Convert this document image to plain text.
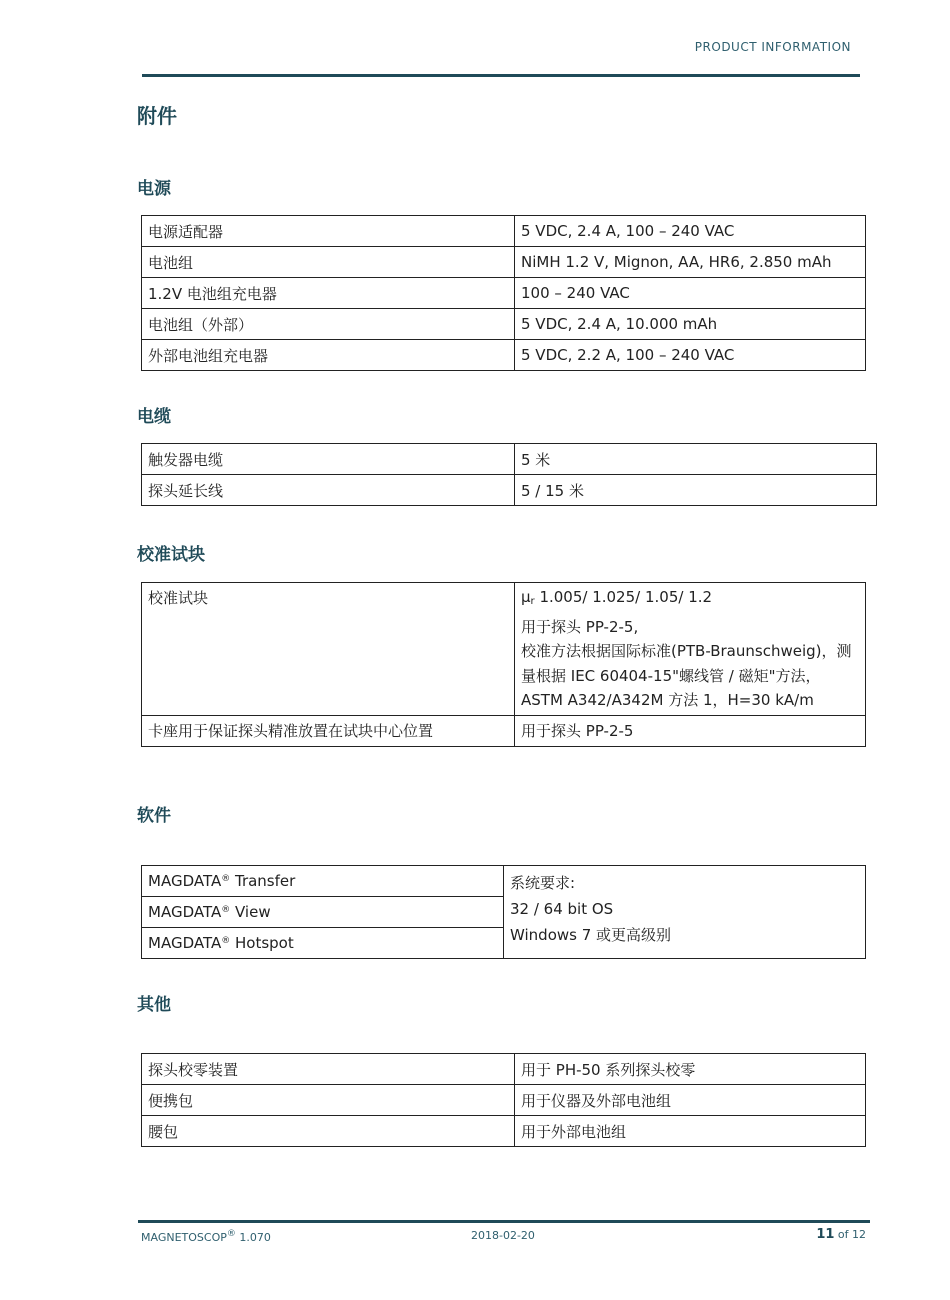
PRODUCT INFORMATION
附件
电源
电源适配器	5 VDC, 2.4 A, 100 – 240 VAC
电池组	NiMH 1.2 V, Mignon, AA, HR6, 2.850 mAh
1.2V 电池组充电器	100 – 240 VAC
电池组（外部）	5 VDC, 2.4 A, 10.000 mAh
外部电池组充电器	5 VDC, 2.2 A, 100 – 240 VAC
电缆
触发器电缆	5 米
探头延长线	5 / 15 米
校准试块
校准试块	$\mu_r$ 1.005/ 1.025/ 1.05/ 1.2
用于探头 PP-2-5,
校准方法根据国际标准(PTB-Braunschweig)，测量根据 IEC 60404-15"螺线管 / 磁矩"方法，ASTM A342/A342M 方法 1，H=30 kA/m

卡座用于保证探头精准放置在试块中心位置	用于探头 PP-2-5
软件
MAGDATA® Transfer	系统要求:
32 / 64 bit OS
Windows 7 或更高级别

MAGDATA® View
MAGDATA® Hotspot
其他
探头校零装置	用于 PH-50 系列探头校零
便携包	用于仪器及外部电池组
腰包	用于外部电池组
MAGNETOSCOP® 1.070	2018-02-20	11 of 12
